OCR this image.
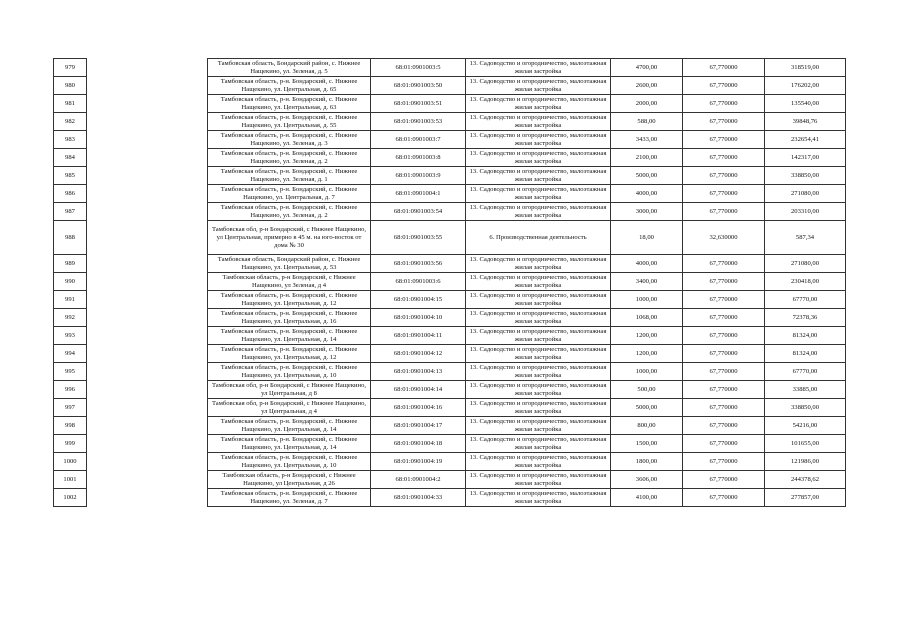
979		Тамбовская область, Бондарский район, с. Нижнее Нащекино, ул. Зеленая, д. 5	68:01:0901003:5	13. Садоводство и огородничество, малоэтажная жилая застройка	4700,00	67,770000	318519,00
980		Тамбовская область, р-н. Бондарский, с. Нижнее Нащекино, ул. Центральная, д. 65	68:01:0901003:50	13. Садоводство и огородничество, малоэтажная жилая застройка	2600,00	67,770000	176202,00
981		Тамбовская область, р-н. Бондарский, с. Нижнее Нащекино, ул. Центральная, д. 63	68:01:0901003:51	13. Садоводство и огородничество, малоэтажная жилая застройка	2000,00	67,770000	135540,00
982		Тамбовская область, р-н. Бондарский, с. Нижнее Нащекино, ул. Центральная, д. 55	68:01:0901003:53	13. Садоводство и огородничество, малоэтажная жилая застройка	588,00	67,770000	39848,76
983		Тамбовская область, р-н. Бондарский, с. Нижнее Нащекино, ул. Зеленая, д. 3	68:01:0901003:7	13. Садоводство и огородничество, малоэтажная жилая застройка	3433,00	67,770000	232654,41
984		Тамбовская область, р-н. Бондарский, с. Нижнее Нащекино, ул. Зеленая, д. 2	68:01:0901003:8	13. Садоводство и огородничество, малоэтажная жилая застройка	2100,00	67,770000	142317,00
985		Тамбовская область, р-н. Бондарский, с. Нижнее Нащекино, ул. Зеленая, д. 1	68:01:0901003:9	13. Садоводство и огородничество, малоэтажная жилая застройка	5000,00	67,770000	338850,00
986		Тамбовская область, р-н. Бондарский, с. Нижнее Нащекино, ул. Центральная, д. 7	68:01:0901004:1	13. Садоводство и огородничество, малоэтажная жилая застройка	4000,00	67,770000	271080,00
987		Тамбовская область, р-н. Бондарский, с. Нижнее Нащекино, ул. Зеленая, д. 2	68:01:0901003:54	13. Садоводство и огородничество, малоэтажная жилая застройка	3000,00	67,770000	203310,00
988		Тамбовская обл, р-н Бондарский, с Нижнее Нащекино, ул Центральная, примерно в 45 м. на юго-восток от дома № 30	68:01:0901003:55	6. Производственная деятельность	18,00	32,630000	587,34
989		Тамбовская область, Бондарский район, с. Нижнее Нащекино, ул. Центральная, д. 53	68:01:0901003:56	13. Садоводство и огородничество, малоэтажная жилая застройка	4000,00	67,770000	271080,00
990		Тамбовская область, р-н Бондарский, с Нижнее Нащекино, ул Зеленая, д 4	68:01:0901003:6	13. Садоводство и огородничество, малоэтажная жилая застройка	3400,00	67,770000	230418,00
991		Тамбовская область, р-н. Бондарский, с. Нижнее Нащекино, ул. Центральная, д. 12	68:01:0901004:15	13. Садоводство и огородничество, малоэтажная жилая застройка	1000,00	67,770000	67770,00
992		Тамбовская область, р-н. Бондарский, с. Нижнее Нащекино, ул. Центральная, д. 16	68:01:0901004:10	13. Садоводство и огородничество, малоэтажная жилая застройка	1068,00	67,770000	72378,36
993		Тамбовская область, р-н. Бондарский, с. Нижнее Нащекино, ул. Центральная, д. 14	68:01:0901004:11	13. Садоводство и огородничество, малоэтажная жилая застройка	1200,00	67,770000	81324,00
994		Тамбовская область, р-н. Бондарский, с. Нижнее Нащекино, ул. Центральная, д. 12	68:01:0901004:12	13. Садоводство и огородничество, малоэтажная жилая застройка	1200,00	67,770000	81324,00
995		Тамбовская область, р-н. Бондарский, с. Нижнее Нащекино, ул. Центральная, д. 10	68:01:0901004:13	13. Садоводство и огородничество, малоэтажная жилая застройка	1000,00	67,770000	67770,00
996		Тамбовская обл, р-н Бондарский, с Нижнее Нащекино, ул Центральная, д 8	68:01:0901004:14	13. Садоводство и огородничество, малоэтажная жилая застройка	500,00	67,770000	33885,00
997		Тамбовская обл, р-н Бондарский, с Нижнее Нащекино, ул Центральная, д 4	68:01:0901004:16	13. Садоводство и огородничество, малоэтажная жилая застройка	5000,00	67,770000	338850,00
998		Тамбовская область, р-н. Бондарский, с. Нижнее Нащекино, ул. Центральная, д. 14	68:01:0901004:17	13. Садоводство и огородничество, малоэтажная жилая застройка	800,00	67,770000	54216,00
999		Тамбовская область, р-н. Бондарский, с. Нижнее Нащекино, ул. Центральная, д. 14	68:01:0901004:18	13. Садоводство и огородничество, малоэтажная жилая застройка	1500,00	67,770000	101655,00
1000		Тамбовская область, р-н. Бондарский, с. Нижнее Нащекино, ул. Центральная, д. 10	68:01:0901004:19	13. Садоводство и огородничество, малоэтажная жилая застройка	1800,00	67,770000	121986,00
1001		Тамбовская область, р-н Бондарский, с Нижнее Нащекино, ул Центральная, д 26	68:01:0901004:2	13. Садоводство и огородничество, малоэтажная жилая застройка	3606,00	67,770000	244378,62
1002		Тамбовская область, р-н. Бондарский, с. Нижнее Нащекино, ул. Зеленая, д. 7	68:01:0901004:33	13. Садоводство и огородничество, малоэтажная жилая застройка	4100,00	67,770000	277857,00
